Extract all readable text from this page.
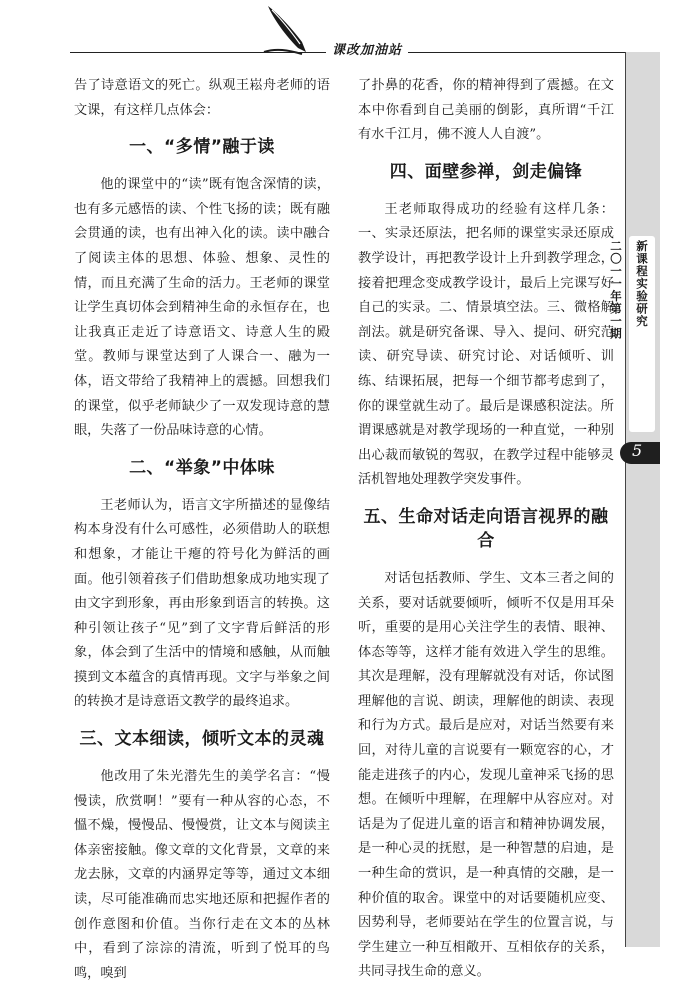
课改加油站

告了诗意语文的死亡。纵观王崧舟老师的语文课，有这样几点体会：

一、“多情”融于读

他的课堂中的“读”既有饱含深情的读，也有多元感悟的读、个性飞扬的读；既有融会贯通的读，也有出神入化的读。读中融合了阅读主体的思想、体验、想象、灵性的情，而且充满了生命的活力。王老师的课堂让学生真切体会到精神生命的永恒存在，也让我真正走近了诗意语文、诗意人生的殿堂。教师与课堂达到了人课合一、融为一体，语文带给了我精神上的震撼。回想我们的课堂，似乎老师缺少了一双发现诗意的慧眼，失落了一份品味诗意的心情。

二、“举象”中体味

王老师认为，语言文字所描述的显像结构本身没有什么可感性，必须借助人的联想和想象，才能让干瘪的符号化为鲜活的画面。他引领着孩子们借助想象成功地实现了由文字到形象，再由形象到语言的转换。这种引领让孩子“见”到了文字背后鲜活的形象，体会到了生活中的情境和感触，从而触摸到文本蕴含的真情再现。文字与举象之间的转换才是诗意语文教学的最终追求。

三、文本细读，倾听文本的灵魂

他改用了朱光潜先生的美学名言：“慢慢读，欣赏啊！”要有一种从容的心态，不慍不燥，慢慢品、慢慢赏，让文本与阅读主体亲密接触。像文章的文化背景，文章的来龙去脉，文章的内涵界定等等，通过文本细读，尽可能准确而忠实地还原和把握作者的创作意图和价值。当你行走在文本的丛林中，看到了淙淙的清流，听到了悦耳的鸟鸣，嗅到

了扑鼻的花香，你的精神得到了震撼。在文本中你看到自己美丽的倒影，真所谓“千江有水千江月，佛不渡人人自渡”。

四、面壁参禅，剑走偏锋

王老师取得成功的经验有这样几条：一、实录还原法，把名师的课堂实录还原成教学设计，再把教学设计上升到教学理念，接着把理念变成教学设计，最后上完课写好自己的实录。二、情景填空法。三、微格解剖法。就是研究备课、导入、提问、研究范读、研究导读、研究讨论、对话倾听、训练、结课拓展，把每一个细节都考虑到了，你的课堂就生动了。最后是课感积淀法。所谓课感就是对教学现场的一种直觉，一种别出心裁而敏锐的驾驭，在教学过程中能够灵活机智地处理教学突发事件。

五、生命对话走向语言视界的融合

对话包括教师、学生、文本三者之间的关系，要对话就要倾听，倾听不仅是用耳朵听，重要的是用心关注学生的表情、眼神、体态等等，这样才能有效进入学生的思维。其次是理解，没有理解就没有对话，你试图理解他的言说、朗读，理解他的朗读、表现和行为方式。最后是应对，对话当然要有来回，对待儿童的言说要有一颗宽容的心，才能走进孩子的内心，发现儿童神采飞扬的思想。在倾听中理解，在理解中从容应对。对话是为了促进儿童的语言和精神协调发展，是一种心灵的抚慰，是一种智慧的启迪，是一种生命的赏识，是一种真情的交融，是一种价值的取舍。课堂中的对话要随机应变、因势利导，老师要站在学生的位置言说，与学生建立一种互相敞开、互相依存的关系，共同寻找生命的意义。

新课程实验研究
二〇一一年第一期
5
